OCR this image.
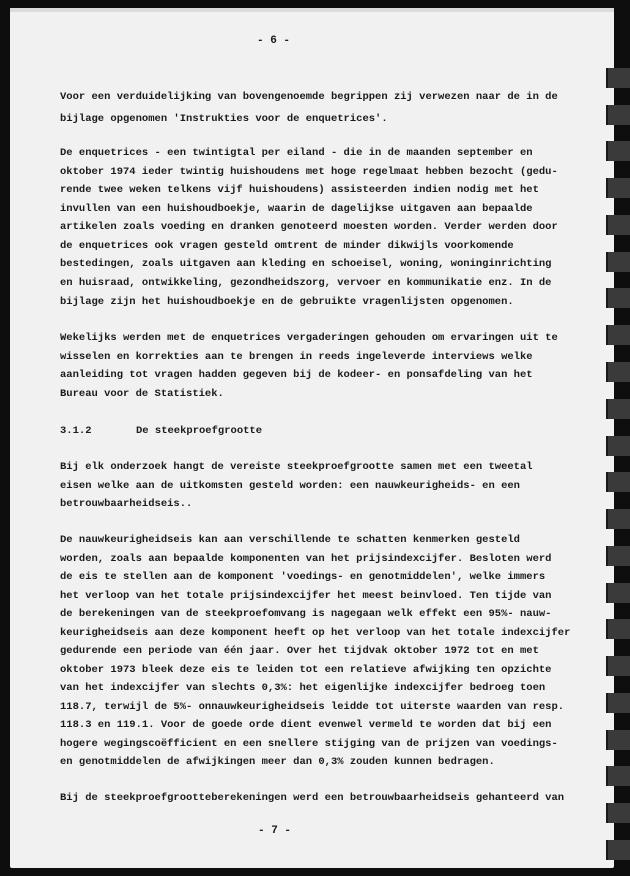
- 6 -
Voor een verduidelijking van bovengenoemde begrippen zij verwezen naar de in de
bijlage opgenomen 'Instrukties voor de enquetrices'.
De enquetrices - een twintigtal per eiland - die in de maanden september en
oktober 1974 ieder twintig huishoudens met hoge regelmaat hebben bezocht (gedu-
rende twee weken telkens vijf huishoudens) assisteerden indien nodig met het
invullen van een huishoudboekje, waarin de dagelijkse uitgaven aan bepaalde
artikelen zoals voeding en dranken genoteerd moesten worden. Verder werden door
de enquetrices ook vragen gesteld omtrent de minder dikwijls voorkomende
bestedingen, zoals uitgaven aan kleding en schoeisel, woning, woninginrichting
en huisraad, ontwikkeling, gezondheidszorg, vervoer en kommunikatie enz. In de
bijlage zijn het huishoudboekje en de gebruikte vragenlijsten opgenomen.
Wekelijks werden met de enquetrices vergaderingen gehouden om ervaringen uit te
wisselen en korrekties aan te brengen in reeds ingeleverde interviews welke
aanleiding tot vragen hadden gegeven bij de kodeer- en ponsafdeling van het
Bureau voor de Statistiek.
3.1.2	De steekproefgrootte
Bij elk onderzoek hangt de vereiste steekproefgrootte samen met een tweetal
eisen welke aan de uitkomsten gesteld worden: een nauwkeurigheids- en een
betrouwbaarheidseis..
De nauwkeurigheidseis kan aan verschillende te schatten kenmerken gesteld
worden, zoals aan bepaalde komponenten van het prijsindexcijfer. Besloten werd
de eis te stellen aan de komponent 'voedings- en genotmiddelen', welke immers
het verloop van het totale prijsindexcijfer het meest beinvloed. Ten tijde van
de berekeningen van de steekproefomvang is nagegaan welk effekt een 95%- nauw-
keurigheidseis aan deze komponent heeft op het verloop van het totale indexcijfer
gedurende een periode van één jaar. Over het tijdvak oktober 1972 tot en met
oktober 1973 bleek deze eis te leiden tot een relatieve afwijking ten opzichte
van het indexcijfer van slechts 0,3%: het eigenlijke indexcijfer bedroeg toen
118.7, terwijl de 5%- onnauwkeurigheidseis leidde tot uiterste waarden van resp.
118.3 en 119.1. Voor de goede orde dient evenwel vermeld te worden dat bij een
hogere wegingscoëfficient en een snellere stijging van de prijzen van voedings-
en genotmiddelen de afwijkingen meer dan 0,3% zouden kunnen bedragen.
Bij de steekproefgrootteberekeningen werd een betrouwbaarheidseis gehanteerd van
- 7 -
